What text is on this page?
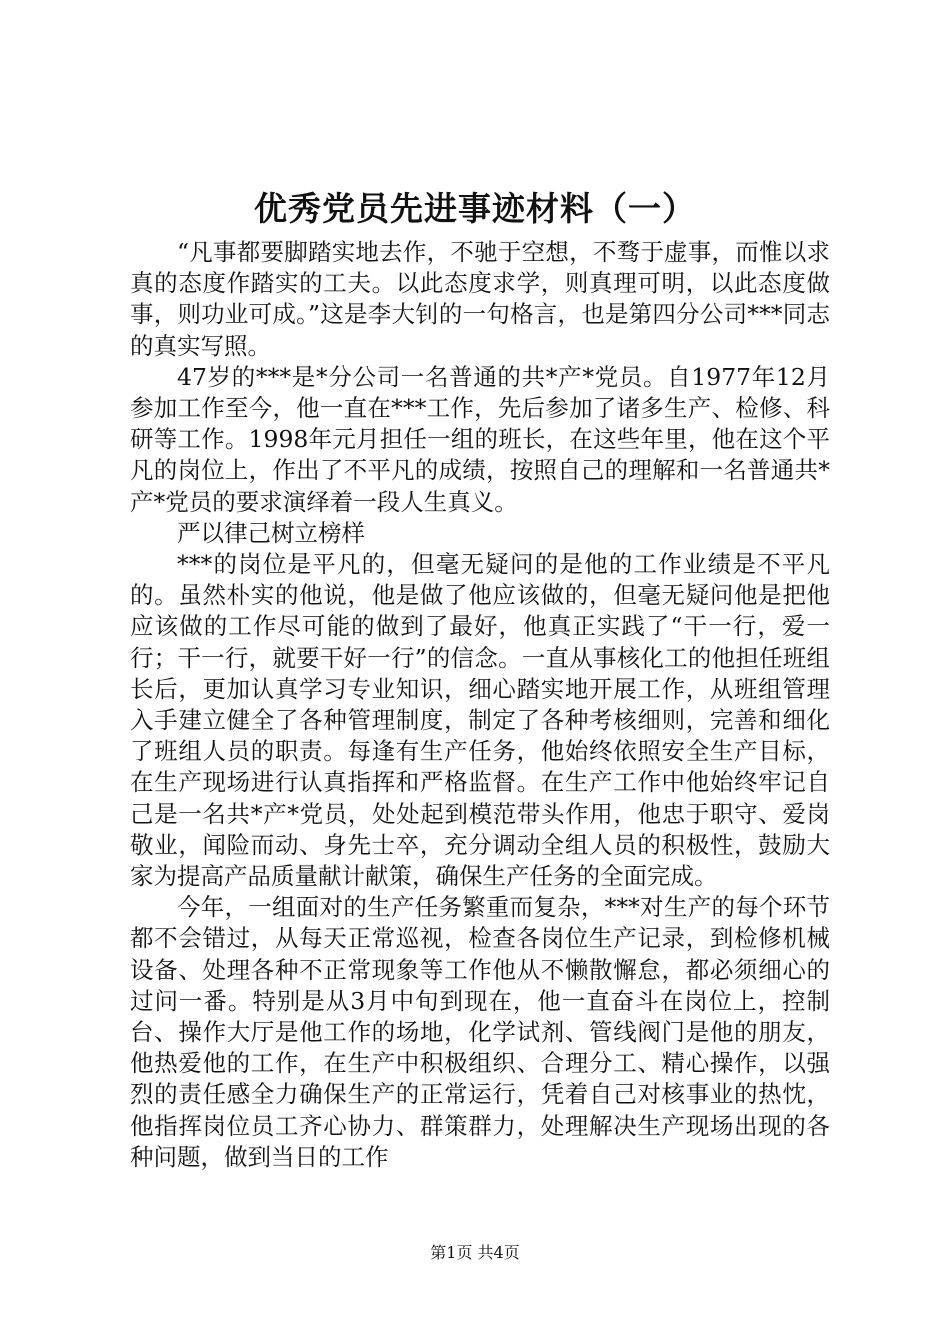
优秀党员先进事迹材料（一）

“凡事都要脚踏实地去作，不驰于空想，不骛于虚事，而惟以求真的态度作踏实的工夫。以此态度求学，则真理可明，以此态度做事，则功业可成。”这是李大钊的一句格言，也是第四分公司***同志的真实写照。

47岁的***是*分公司一名普通的共*产*党员。自1977年12月参加工作至今，他一直在***工作，先后参加了诸多生产、检修、科研等工作。1998年元月担任一组的班长，在这些年里，他在这个平凡的岗位上，作出了不平凡的成绩，按照自己的理解和一名普通共*产*党员的要求演绎着一段人生真义。

严以律己树立榜样

***的岗位是平凡的，但毫无疑问的是他的工作业绩是不平凡的。虽然朴实的他说，他是做了他应该做的，但毫无疑问他是把他应该做的工作尽可能的做到了最好，他真正实践了“干一行，爱一行；干一行，就要干好一行”的信念。一直从事核化工的他担任班组长后，更加认真学习专业知识，细心踏实地开展工作，从班组管理入手建立健全了各种管理制度，制定了各种考核细则，完善和细化了班组人员的职责。每逢有生产任务，他始终依照安全生产目标，在生产现场进行认真指挥和严格监督。在生产工作中他始终牢记自己是一名共*产*党员，处处起到模范带头作用，他忠于职守、爱岗敬业，闻险而动、身先士卒，充分调动全组人员的积极性，鼓励大家为提高产品质量献计献策，确保生产任务的全面完成。

今年，一组面对的生产任务繁重而复杂，***对生产的每个环节都不会错过，从每天正常巡视，检查各岗位生产记录，到检修机械设备、处理各种不正常现象等工作他从不懒散懈怠，都必须细心的过问一番。特别是从3月中旬到现在，他一直奋斗在岗位上，控制台、操作大厅是他工作的场地，化学试剂、管线阀门是他的朋友，他热爱他的工作，在生产中积极组织、合理分工、精心操作，以强烈的责任感全力确保生产的正常运行，凭着自己对核事业的热忱，他指挥岗位员工齐心协力、群策群力，处理解决生产现场出现的各种问题，做到当日的工作

第1页 共4页
